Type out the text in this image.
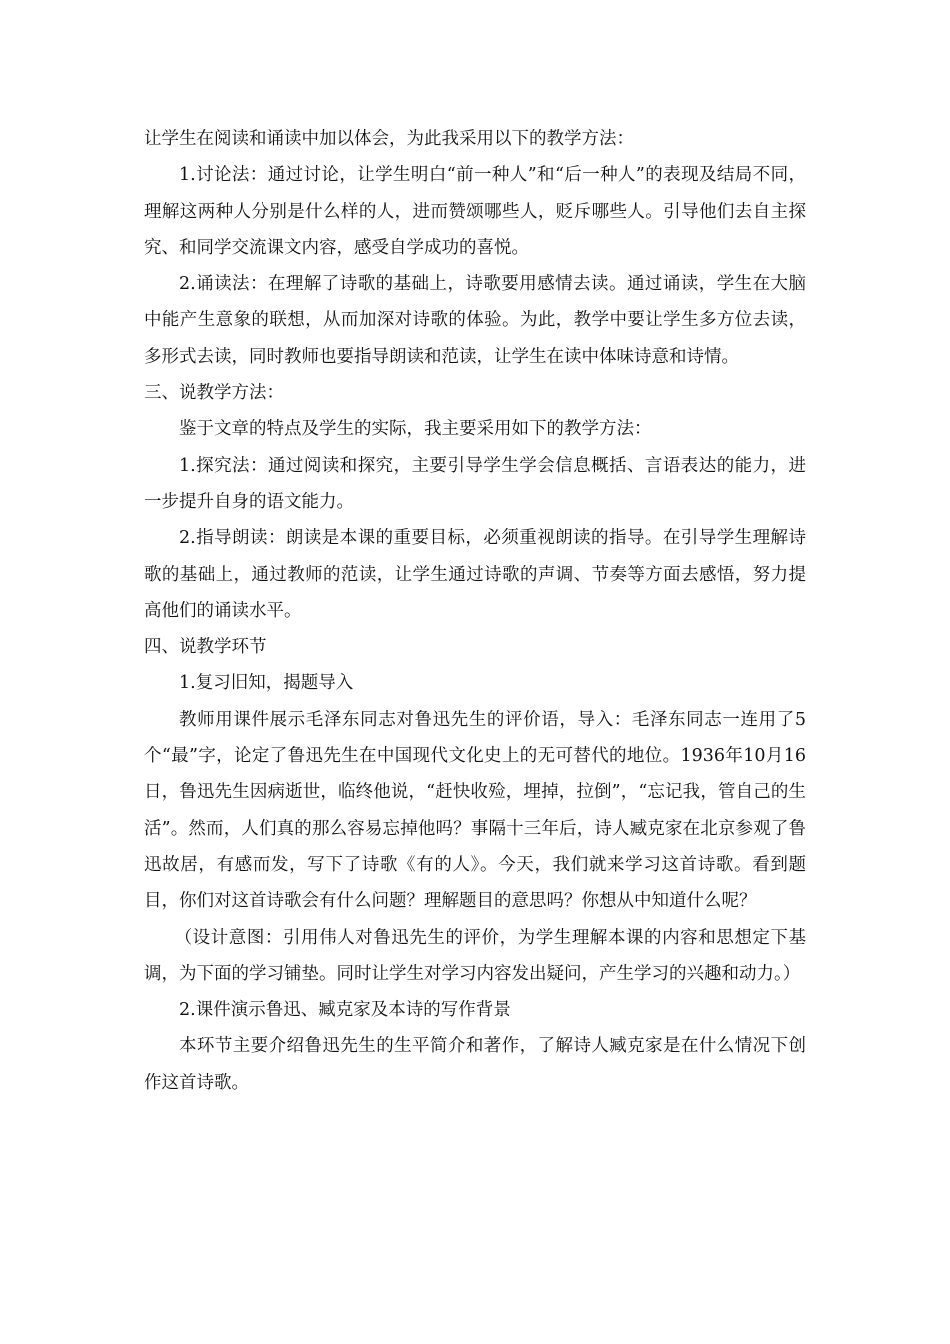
让学生在阅读和诵读中加以体会，为此我采用以下的教学方法：

1.讨论法：通过讨论，让学生明白“前一种人”和“后一种人”的表现及结局不同，理解这两种人分别是什么样的人，进而赞颂哪些人，贬斥哪些人。引导他们去自主探究、和同学交流课文内容，感受自学成功的喜悦。

2.诵读法：在理解了诗歌的基础上，诗歌要用感情去读。通过诵读，学生在大脑中能产生意象的联想，从而加深对诗歌的体验。为此，教学中要让学生多方位去读，多形式去读，同时教师也要指导朗读和范读，让学生在读中体味诗意和诗情。

三、说教学方法：

鉴于文章的特点及学生的实际，我主要采用如下的教学方法：

1.探究法：通过阅读和探究，主要引导学生学会信息概括、言语表达的能力，进一步提升自身的语文能力。

2.指导朗读：朗读是本课的重要目标，必须重视朗读的指导。在引导学生理解诗歌的基础上，通过教师的范读，让学生通过诗歌的声调、节奏等方面去感悟，努力提高他们的诵读水平。

四、说教学环节

1.复习旧知，揭题导入

教师用课件展示毛泽东同志对鲁迅先生的评价语，导入：毛泽东同志一连用了5个“最”字，论定了鲁迅先生在中国现代文化史上的无可替代的地位。1936年10月16日，鲁迅先生因病逝世，临终他说，“赶快收殓，埋掉，拉倒”，“忘记我，管自己的生活”。然而，人们真的那么容易忘掉他吗？事隔十三年后，诗人臧克家在北京参观了鲁迅故居，有感而发，写下了诗歌《有的人》。今天，我们就来学习这首诗歌。看到题目，你们对这首诗歌会有什么问题？理解题目的意思吗？你想从中知道什么呢？

（设计意图：引用伟人对鲁迅先生的评价，为学生理解本课的内容和思想定下基调，为下面的学习铺垫。同时让学生对学习内容发出疑问，产生学习的兴趣和动力。）

2.课件演示鲁迅、臧克家及本诗的写作背景

本环节主要介绍鲁迅先生的生平简介和著作，了解诗人臧克家是在什么情况下创作这首诗歌。
